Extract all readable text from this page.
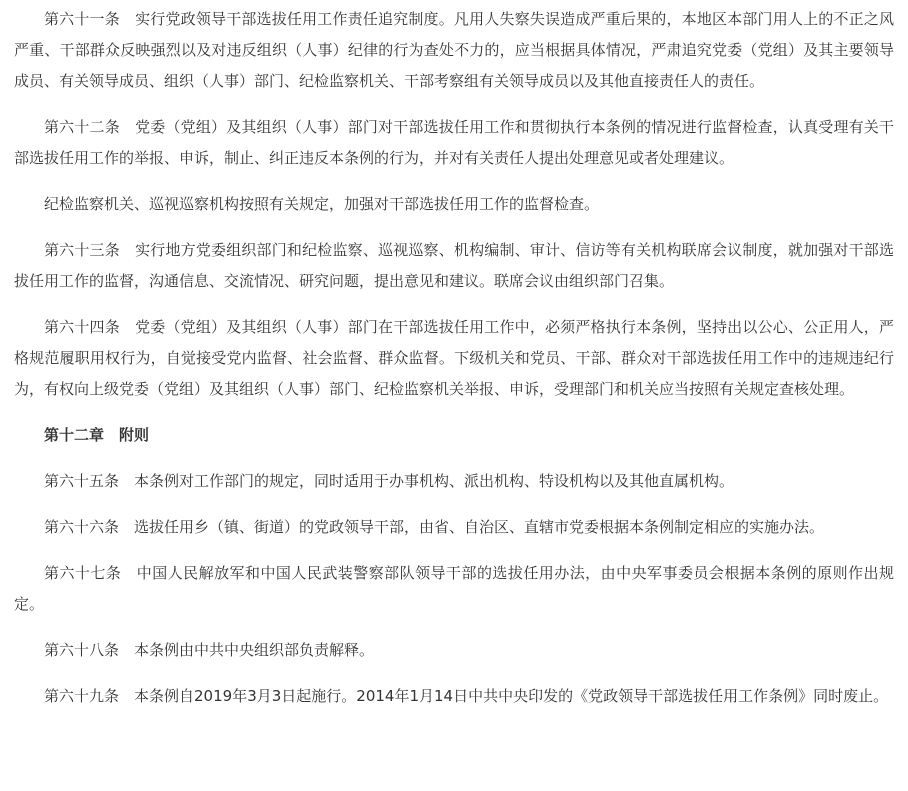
第六十一条 实行党政领导干部选拔任用工作责任追究制度。凡用人失察失误造成严重后果的，本地区本部门用人上的不正之风严重、干部群众反映强烈以及对违反组织（人事）纪律的行为查处不力的，应当根据具体情况，严肃追究党委（党组）及其主要领导成员、有关领导成员、组织（人事）部门、纪检监察机关、干部考察组有关领导成员以及其他直接责任人的责任。

第六十二条 党委（党组）及其组织（人事）部门对干部选拔任用工作和贯彻执行本条例的情况进行监督检查，认真受理有关干部选拔任用工作的举报、申诉，制止、纠正违反本条例的行为，并对有关责任人提出处理意见或者处理建议。

纪检监察机关、巡视巡察机构按照有关规定，加强对干部选拔任用工作的监督检查。

第六十三条 实行地方党委组织部门和纪检监察、巡视巡察、机构编制、审计、信访等有关机构联席会议制度，就加强对干部选拔任用工作的监督，沟通信息、交流情况、研究问题，提出意见和建议。联席会议由组织部门召集。

第六十四条 党委（党组）及其组织（人事）部门在干部选拔任用工作中，必须严格执行本条例，坚持出以公心、公正用人，严格规范履职用权行为，自觉接受党内监督、社会监督、群众监督。下级机关和党员、干部、群众对干部选拔任用工作中的违规违纪行为，有权向上级党委（党组）及其组织（人事）部门、纪检监察机关举报、申诉，受理部门和机关应当按照有关规定查核处理。

第十二章 附则

第六十五条 本条例对工作部门的规定，同时适用于办事机构、派出机构、特设机构以及其他直属机构。

第六十六条 选拔任用乡（镇、街道）的党政领导干部，由省、自治区、直辖市党委根据本条例制定相应的实施办法。

第六十七条 中国人民解放军和中国人民武装警察部队领导干部的选拔任用办法，由中央军事委员会根据本条例的原则作出规定。

第六十八条 本条例由中共中央组织部负责解释。

第六十九条 本条例自2019年3月3日起施行。2014年1月14日中共中央印发的《党政领导干部选拔任用工作条例》同时废止。
